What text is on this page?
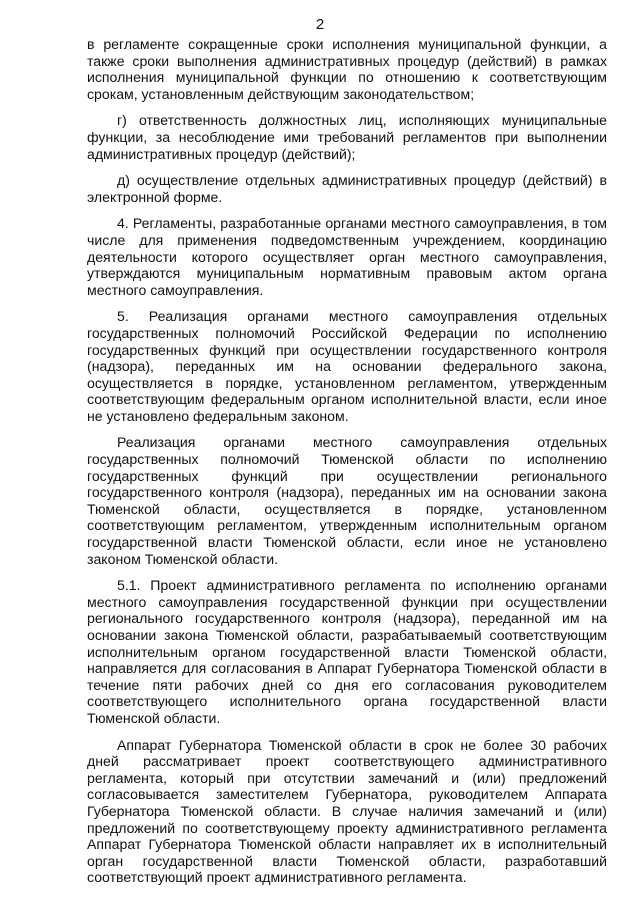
2

в регламенте сокращенные сроки исполнения муниципальной функции, а также сроки выполнения административных процедур (действий) в рамках исполнения муниципальной функции по отношению к соответствующим срокам, установленным действующим законодательством;

г) ответственность должностных лиц, исполняющих муниципальные функции, за несоблюдение ими требований регламентов при выполнении административных процедур (действий);

д) осуществление отдельных административных процедур (действий) в электронной форме.

4. Регламенты, разработанные органами местного самоуправления, в том числе для применения подведомственным учреждением, координацию деятельности которого осуществляет орган местного самоуправления, утверждаются муниципальным нормативным правовым актом органа местного самоуправления.

5. Реализация органами местного самоуправления отдельных государственных полномочий Российской Федерации по исполнению государственных функций при осуществлении государственного контроля (надзора), переданных им на основании федерального закона, осуществляется в порядке, установленном регламентом, утвержденным соответствующим федеральным органом исполнительной власти, если иное не установлено федеральным законом.

Реализация органами местного самоуправления отдельных государственных полномочий Тюменской области по исполнению государственных функций при осуществлении регионального государственного контроля (надзора), переданных им на основании закона Тюменской области, осуществляется в порядке, установленном соответствующим регламентом, утвержденным исполнительным органом государственной власти Тюменской области, если иное не установлено законом Тюменской области.

5.1. Проект административного регламента по исполнению органами местного самоуправления государственной функции при осуществлении регионального государственного контроля (надзора), переданной им на основании закона Тюменской области, разрабатываемый соответствующим исполнительным органом государственной власти Тюменской области, направляется для согласования в Аппарат Губернатора Тюменской области в течение пяти рабочих дней со дня его согласования руководителем соответствующего исполнительного органа государственной власти Тюменской области.

Аппарат Губернатора Тюменской области в срок не более 30 рабочих дней рассматривает проект соответствующего административного регламента, который при отсутствии замечаний и (или) предложений согласовывается заместителем Губернатора, руководителем Аппарата Губернатора Тюменской области. В случае наличия замечаний и (или) предложений по соответствующему проекту административного регламента Аппарат Губернатора Тюменской области направляет их в исполнительный орган государственной власти Тюменской области, разработавший соответствующий проект административного регламента.
